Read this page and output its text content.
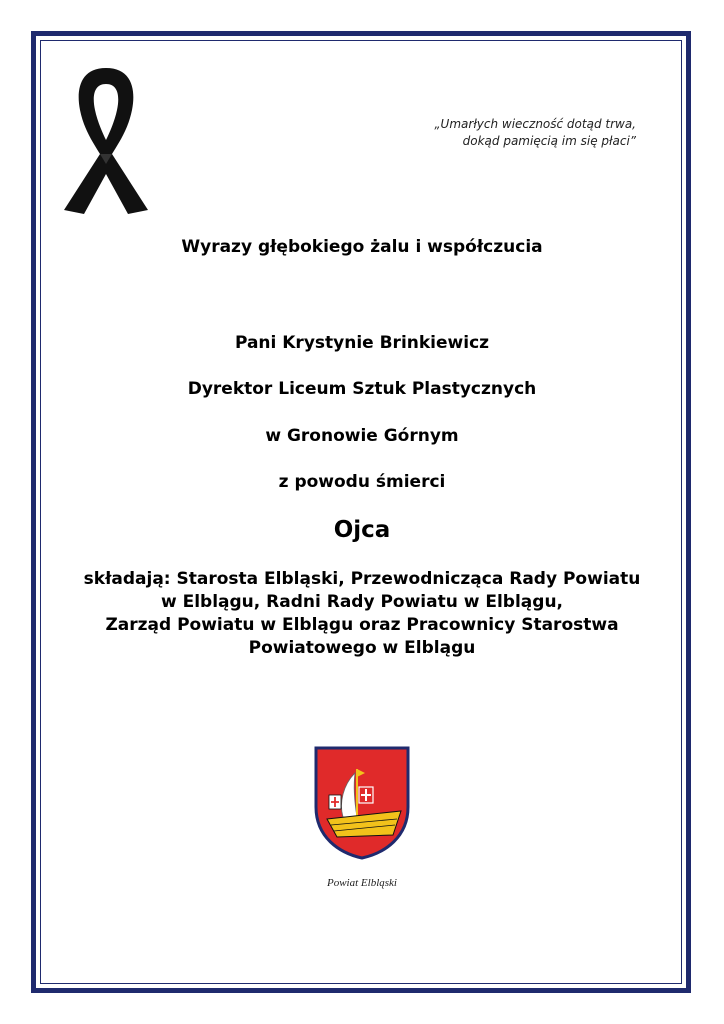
„Umarłych wieczność dotąd trwa,
dokąd pamięcią im się płaci”
Wyrazy głębokiego żalu i współczucia
Pani Krystynie Brinkiewicz
Dyrektor Liceum Sztuk Plastycznych
w Gronowie Górnym
z powodu śmierci
Ojca
składają: Starosta Elbląski, Przewodnicząca Rady Powiatu
w Elblągu, Radni Rady Powiatu w Elblągu,
Zarząd Powiatu w Elblągu oraz Pracownicy Starostwa
Powiatowego w Elblągu
Powiat Elbląski
